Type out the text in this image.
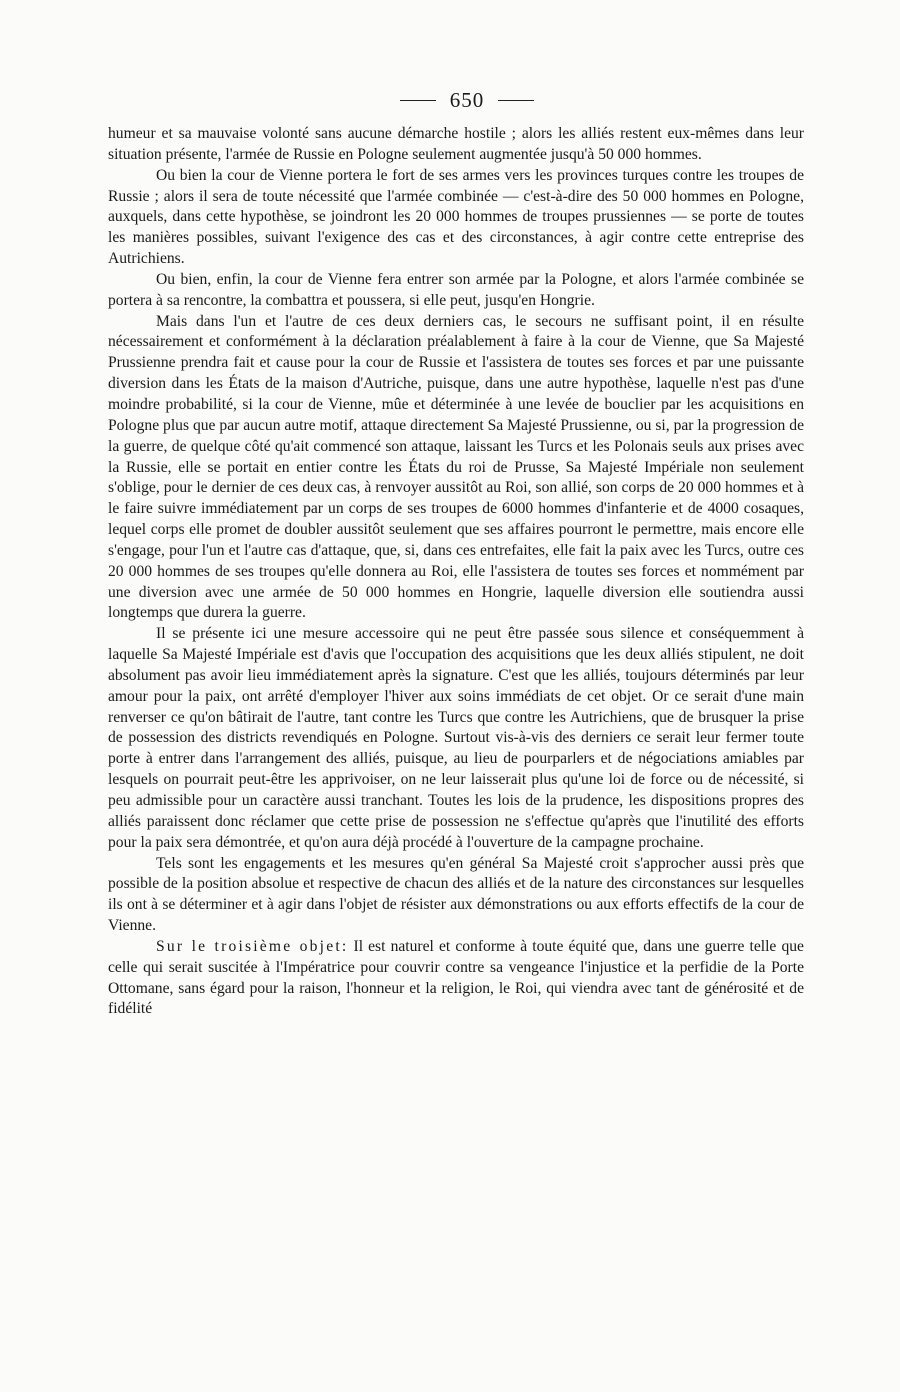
650

humeur et sa mauvaise volonté sans aucune démarche hostile ; alors les alliés restent eux-mêmes dans leur situation présente, l'armée de Russie en Pologne seulement augmentée jusqu'à 50 000 hommes.

Ou bien la cour de Vienne portera le fort de ses armes vers les provinces turques contre les troupes de Russie ; alors il sera de toute nécessité que l'armée combinée — c'est-à-dire des 50 000 hommes en Pologne, auxquels, dans cette hypothèse, se joindront les 20 000 hommes de troupes prussiennes — se porte de toutes les manières possibles, suivant l'exigence des cas et des circonstances, à agir contre cette entreprise des Autrichiens.

Ou bien, enfin, la cour de Vienne fera entrer son armée par la Pologne, et alors l'armée combinée se portera à sa rencontre, la combattra et poussera, si elle peut, jusqu'en Hongrie.

Mais dans l'un et l'autre de ces deux derniers cas, le secours ne suffisant point, il en résulte nécessairement et conformément à la déclaration préalablement à faire à la cour de Vienne, que Sa Majesté Prussienne prendra fait et cause pour la cour de Russie et l'assistera de toutes ses forces et par une puissante diversion dans les États de la maison d'Autriche, puisque, dans une autre hypothèse, laquelle n'est pas d'une moindre probabilité, si la cour de Vienne, mûe et déterminée à une levée de bouclier par les acquisitions en Pologne plus que par aucun autre motif, attaque directement Sa Majesté Prussienne, ou si, par la progression de la guerre, de quelque côté qu'ait commencé son attaque, laissant les Turcs et les Polonais seuls aux prises avec la Russie, elle se portait en entier contre les États du roi de Prusse, Sa Majesté Impériale non seulement s'oblige, pour le dernier de ces deux cas, à renvoyer aussitôt au Roi, son allié, son corps de 20 000 hommes et à le faire suivre immédiatement par un corps de ses troupes de 6000 hommes d'infanterie et de 4000 cosaques, lequel corps elle promet de doubler aussitôt seulement que ses affaires pourront le permettre, mais encore elle s'engage, pour l'un et l'autre cas d'attaque, que, si, dans ces entrefaites, elle fait la paix avec les Turcs, outre ces 20 000 hommes de ses troupes qu'elle donnera au Roi, elle l'assistera de toutes ses forces et nommément par une diversion avec une armée de 50 000 hommes en Hongrie, laquelle diversion elle soutiendra aussi longtemps que durera la guerre.

Il se présente ici une mesure accessoire qui ne peut être passée sous silence et conséquemment à laquelle Sa Majesté Impériale est d'avis que l'occupation des acquisitions que les deux alliés stipulent, ne doit absolument pas avoir lieu immédiatement après la signature. C'est que les alliés, toujours déterminés par leur amour pour la paix, ont arrêté d'employer l'hiver aux soins immédiats de cet objet. Or ce serait d'une main renverser ce qu'on bâtirait de l'autre, tant contre les Turcs que contre les Autrichiens, que de brusquer la prise de possession des districts revendiqués en Pologne. Surtout vis-à-vis des derniers ce serait leur fermer toute porte à entrer dans l'arrangement des alliés, puisque, au lieu de pourparlers et de négociations amiables par lesquels on pourrait peut-être les apprivoiser, on ne leur laisserait plus qu'une loi de force ou de nécessité, si peu admissible pour un caractère aussi tranchant. Toutes les lois de la prudence, les dispositions propres des alliés paraissent donc réclamer que cette prise de possession ne s'effectue qu'après que l'inutilité des efforts pour la paix sera démontrée, et qu'on aura déjà procédé à l'ouverture de la campagne prochaine.

Tels sont les engagements et les mesures qu'en général Sa Majesté croit s'approcher aussi près que possible de la position absolue et respective de chacun des alliés et de la nature des circonstances sur lesquelles ils ont à se déterminer et à agir dans l'objet de résister aux démonstrations ou aux efforts effectifs de la cour de Vienne.

Sur le troisième objet: Il est naturel et conforme à toute équité que, dans une guerre telle que celle qui serait suscitée à l'Impératrice pour couvrir contre sa vengeance l'injustice et la perfidie de la Porte Ottomane, sans égard pour la raison, l'honneur et la religion, le Roi, qui viendra avec tant de générosité et de fidélité
